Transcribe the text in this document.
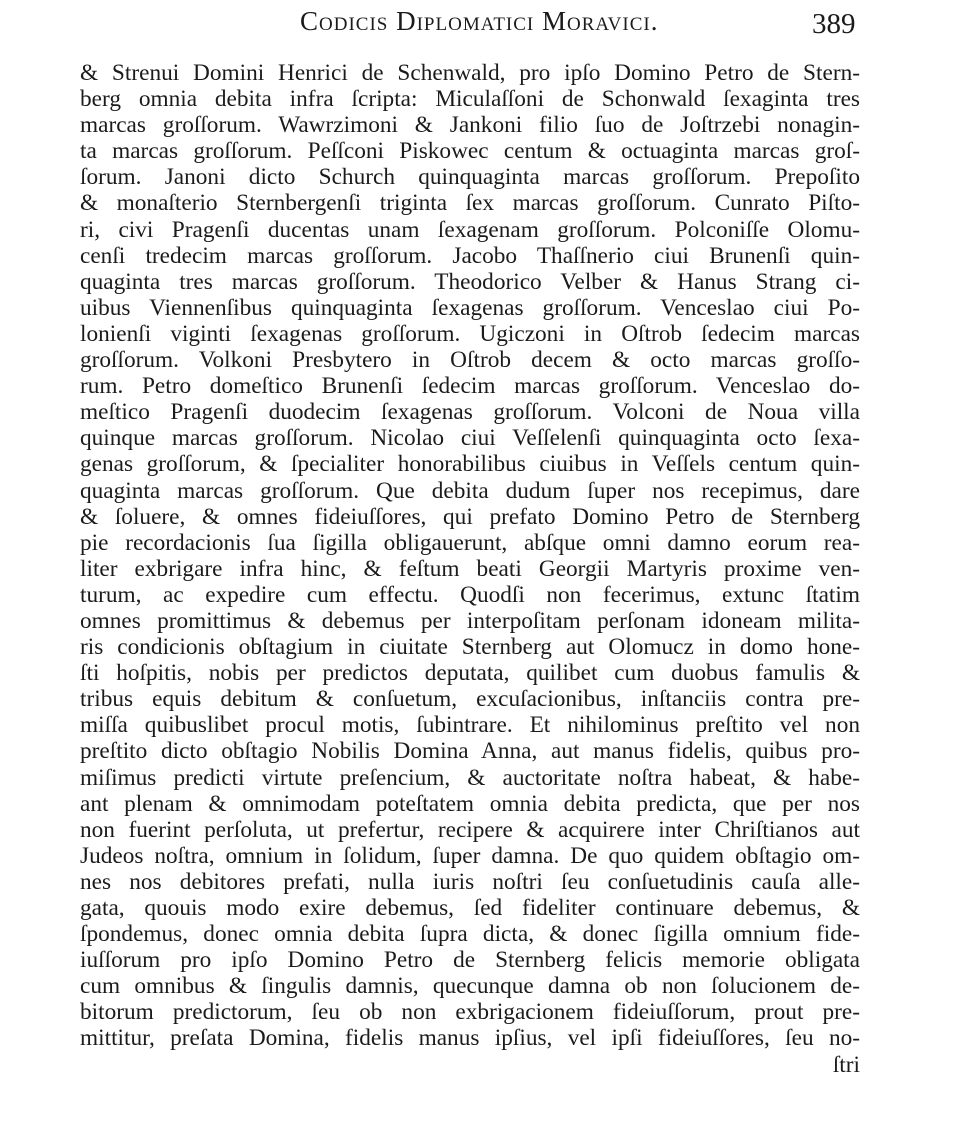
Codicis Diplomatici Moravici.	389
& Strenui Domini Henrici de Schenwald, pro ipſo Domino Petro de Stern-
berg omnia debita infra ſcripta: Miculaſſoni de Schonwald ſexaginta tres
marcas groſſorum. Wawrzimoni & Jankoni filio ſuo de Joſtrzebi nonagin-
ta marcas groſſorum. Peſſconi Piskowec centum & octuaginta marcas groſ-
ſorum. Janoni dicto Schurch quinquaginta marcas groſſorum. Prepoſito
& monaſterio Sternbergenſi triginta ſex marcas groſſorum. Cunrato Piſto-
ri, civi Pragenſi ducentas unam ſexagenam groſſorum. Polconiſſe Olomu-
cenſi tredecim marcas groſſorum. Jacobo Thaſſnerio ciui Brunenſi quin-
quaginta tres marcas groſſorum. Theodorico Velber & Hanus Strang ci-
uibus Viennenſibus quinquaginta ſexagenas groſſorum. Venceslao ciui Po-
lonienſi viginti ſexagenas groſſorum. Ugiczoni in Oſtrob ſedecim marcas
groſſorum. Volkoni Presbytero in Oſtrob decem & octo marcas groſſo-
rum. Petro domeſtico Brunenſi ſedecim marcas groſſorum. Venceslao do-
meſtico Pragenſi duodecim ſexagenas groſſorum. Volconi de Noua villa
quinque marcas groſſorum. Nicolao ciui Veſſelenſi quinquaginta octo ſexa-
genas groſſorum, & ſpecialiter honorabilibus ciuibus in Veſſels centum quin-
quaginta marcas groſſorum. Que debita dudum ſuper nos recepimus, dare
& ſoluere, & omnes fideiuſſores, qui prefato Domino Petro de Sternberg
pie recordacionis ſua ſigilla obligauerunt, abſque omni damno eorum rea-
liter exbrigare infra hinc, & feſtum beati Georgii Martyris proxime ven-
turum, ac expedire cum effectu. Quodſi non fecerimus, extunc ſtatim
omnes promittimus & debemus per interpoſitam perſonam idoneam milita-
ris condicionis obſtagium in ciuitate Sternberg aut Olomucz in domo hone-
ſti hoſpitis, nobis per predictos deputata, quilibet cum duobus famulis &
tribus equis debitum & conſuetum, excuſacionibus, inſtanciis contra pre-
miſſa quibuslibet procul motis, ſubintrare. Et nihilominus preſtito vel non
preſtito dicto obſtagio Nobilis Domina Anna, aut manus fidelis, quibus pro-
miſimus predicti virtute preſencium, & auctoritate noſtra habeat, & habe-
ant plenam & omnimodam poteſtatem omnia debita predicta, que per nos
non fuerint perſoluta, ut prefertur, recipere & acquirere inter Chriſtianos aut
Judeos noſtra, omnium in ſolidum, ſuper damna. De quo quidem obſtagio om-
nes nos debitores prefati, nulla iuris noſtri ſeu conſuetudinis cauſa alle-
gata, quouis modo exire debemus, ſed fideliter continuare debemus, &
ſpondemus, donec omnia debita ſupra dicta, & donec ſigilla omnium fide-
iuſſorum pro ipſo Domino Petro de Sternberg felicis memorie obligata
cum omnibus & ſingulis damnis, quecunque damna ob non ſolucionem de-
bitorum predictorum, ſeu ob non exbrigacionem fideiuſſorum, prout pre-
mittitur, preſata Domina, fidelis manus ipſius, vel ipſi fideiuſſores, ſeu no-
ſtri
